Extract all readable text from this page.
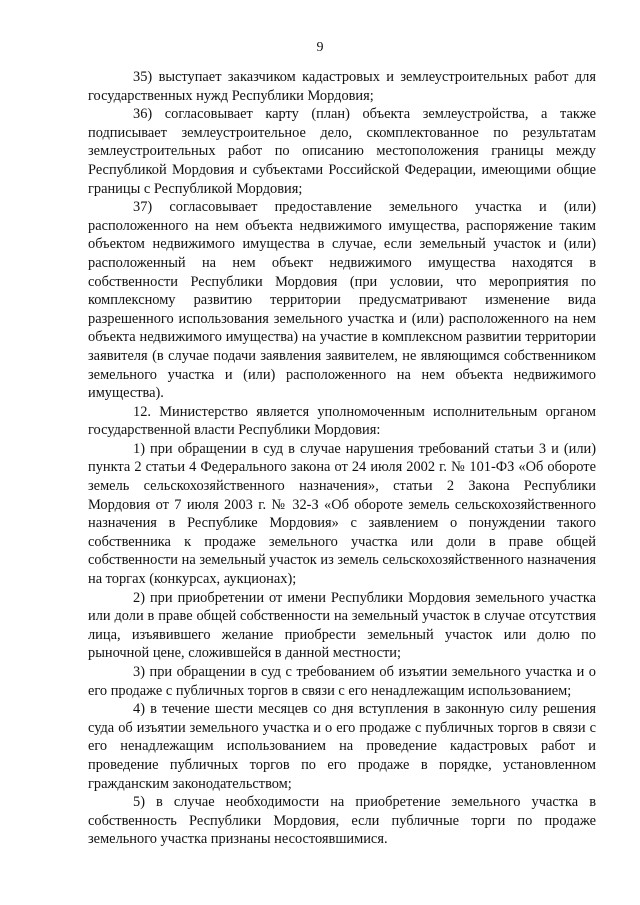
9

35) выступает заказчиком кадастровых и землеустроительных работ для государственных нужд Республики Мордовия;

36) согласовывает карту (план) объекта землеустройства, а также подписывает землеустроительное дело, скомплектованное по результатам землеустроительных работ по описанию местоположения границы между Республикой Мордовия и субъектами Российской Федерации, имеющими общие границы с Республикой Мордовия;

37) согласовывает предоставление земельного участка и (или) расположенного на нем объекта недвижимого имущества, распоряжение таким объектом недвижимого имущества в случае, если земельный участок и (или) расположенный на нем объект недвижимого имущества находятся в собственности Республики Мордовия (при условии, что мероприятия по комплексному развитию территории предусматривают изменение вида разрешенного использования земельного участка и (или) расположенного на нем объекта недвижимого имущества) на участие в комплексном развитии территории заявителя (в случае подачи заявления заявителем, не являющимся собственником земельного участка и (или) расположенного на нем объекта недвижимого имущества).

12. Министерство является уполномоченным исполнительным органом государственной власти Республики Мордовия:

1) при обращении в суд в случае нарушения требований статьи 3 и (или) пункта 2 статьи 4 Федерального закона от 24 июля 2002 г. № 101-ФЗ «Об обороте земель сельскохозяйственного назначения», статьи 2 Закона Республики Мордовия от 7 июля 2003 г. № 32-З «Об обороте земель сельскохозяйственного назначения в Республике Мордовия» с заявлением о понуждении такого собственника к продаже земельного участка или доли в праве общей собственности на земельный участок из земель сельскохозяйственного назначения на торгах (конкурсах, аукционах);

2) при приобретении от имени Республики Мордовия земельного участка или доли в праве общей собственности на земельный участок в случае отсутствия лица, изъявившего желание приобрести земельный участок или долю по рыночной цене, сложившейся в данной местности;

3) при обращении в суд с требованием об изъятии земельного участка и о его продаже с публичных торгов в связи с его ненадлежащим использованием;

4) в течение шести месяцев со дня вступления в законную силу решения суда об изъятии земельного участка и о его продаже с публичных торгов в связи с его ненадлежащим использованием на проведение кадастровых работ и проведение публичных торгов по его продаже в порядке, установленном гражданским законодательством;

5) в случае необходимости на приобретение земельного участка в собственность Республики Мордовия, если публичные торги по продаже земельного участка признаны несостоявшимися.
